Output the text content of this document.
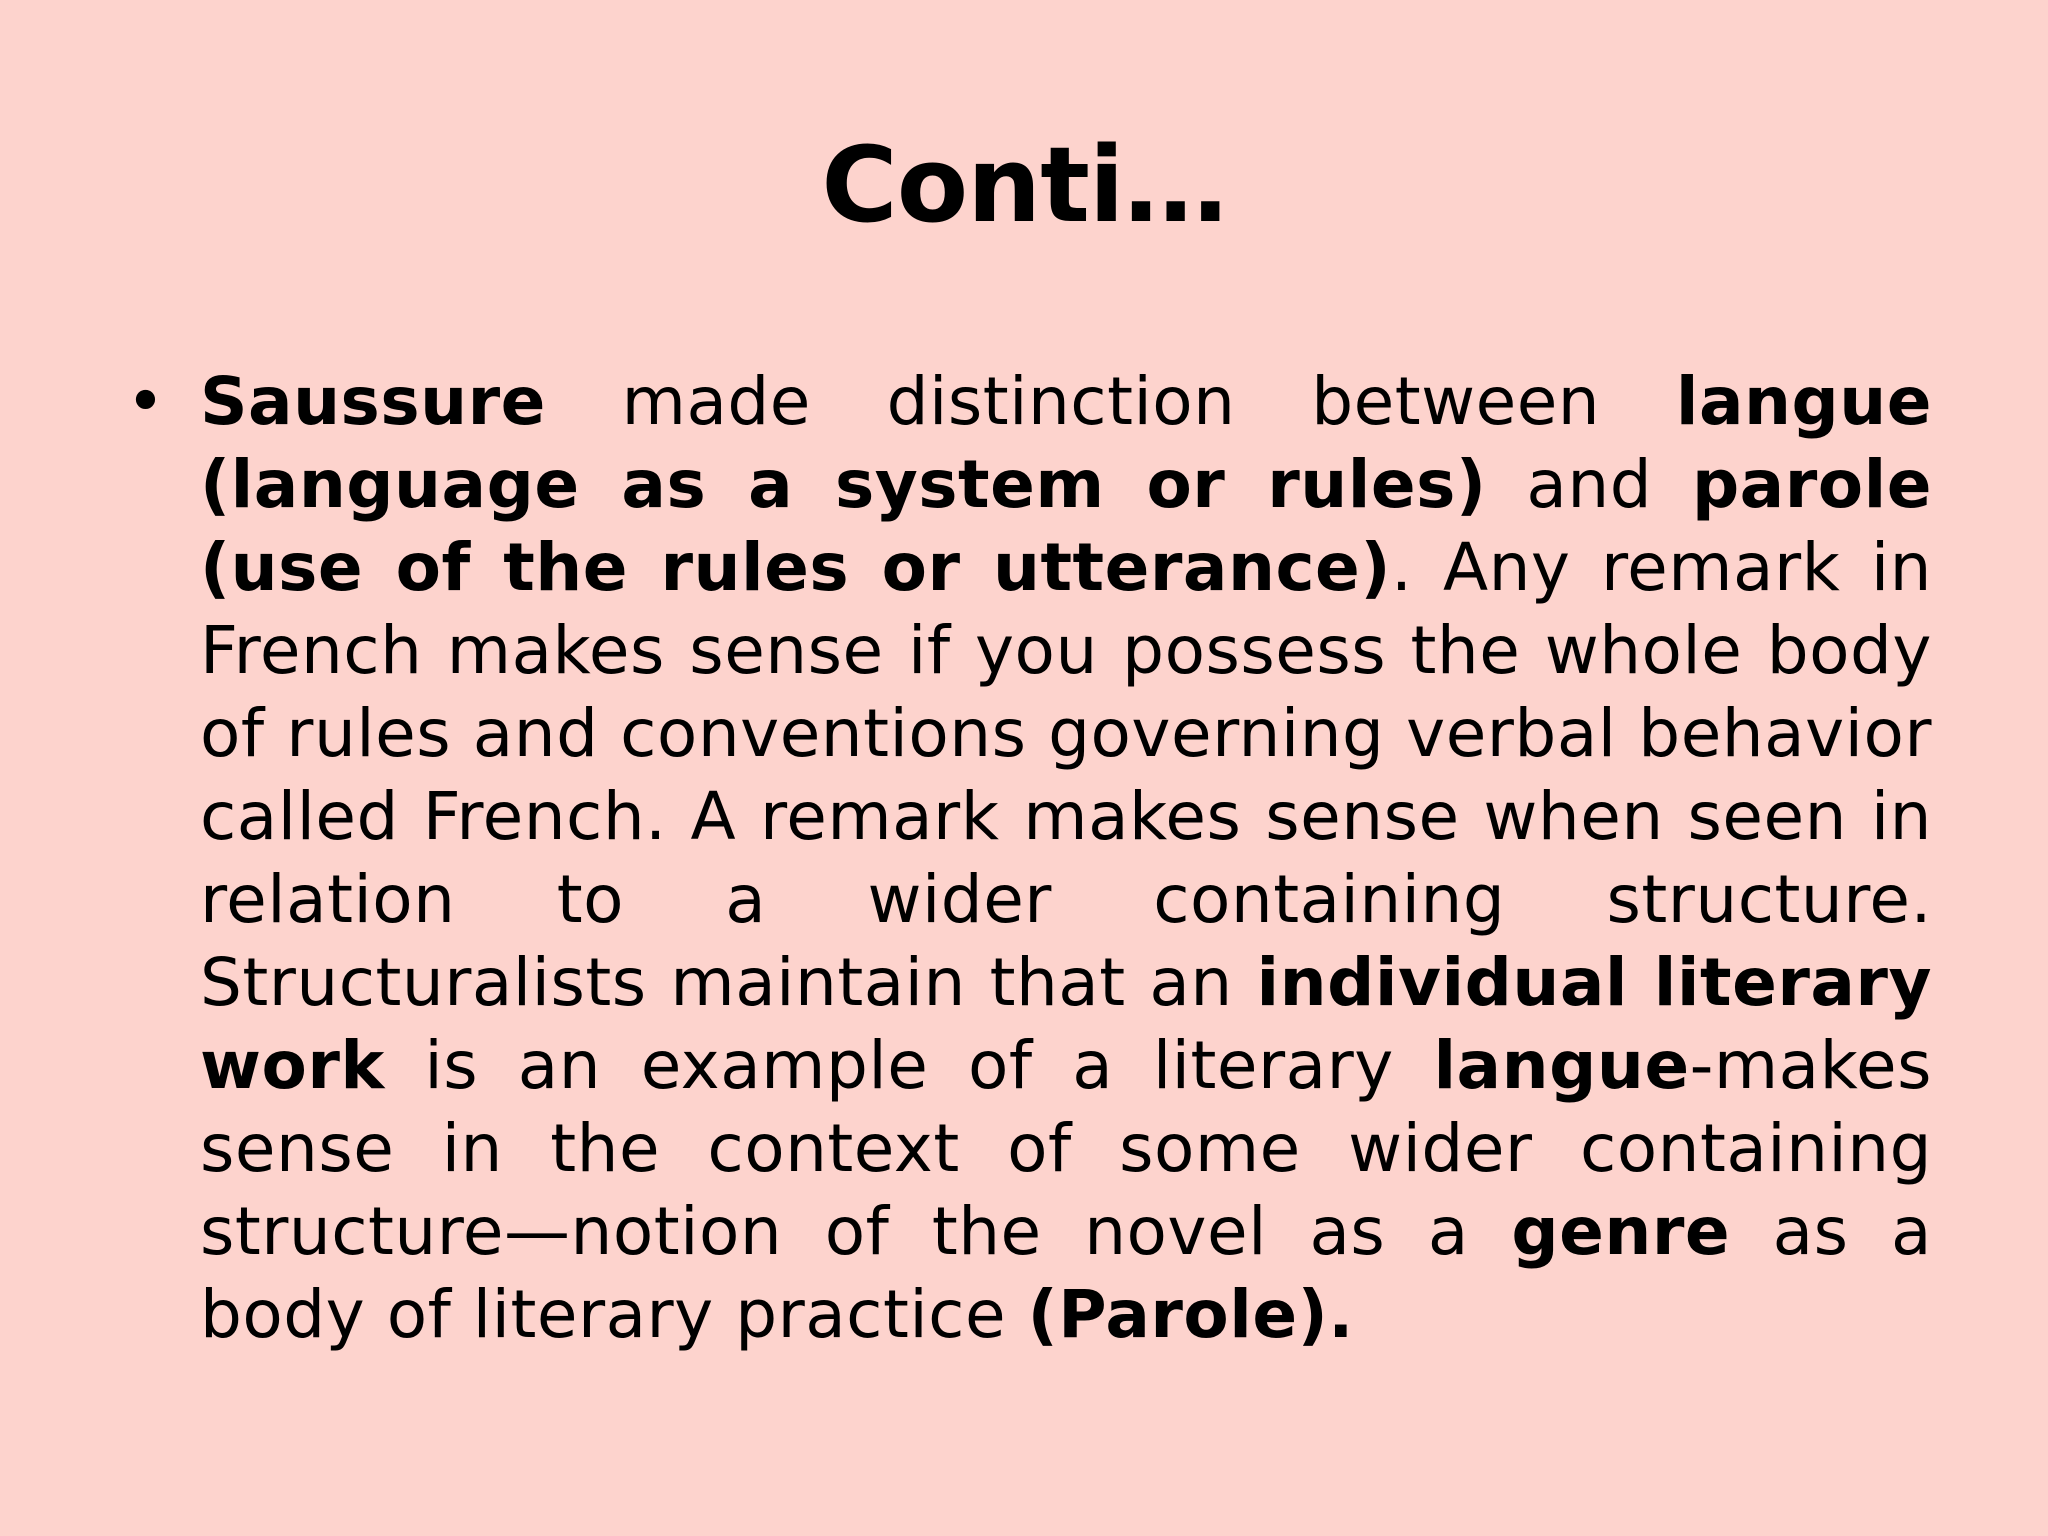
Conti…
• Saussure made distinction between langue (language as a system or rules) and parole (use of the rules or utterance). Any remark in French makes sense if you possess the whole body of rules and conventions governing verbal behavior called French. A remark makes sense when seen in relation to a wider containing structure. Structuralists maintain that an individual literary work is an example of a literary langue-makes sense in the context of some wider containing structure—notion of the novel as a genre as a body of literary practice (Parole).
